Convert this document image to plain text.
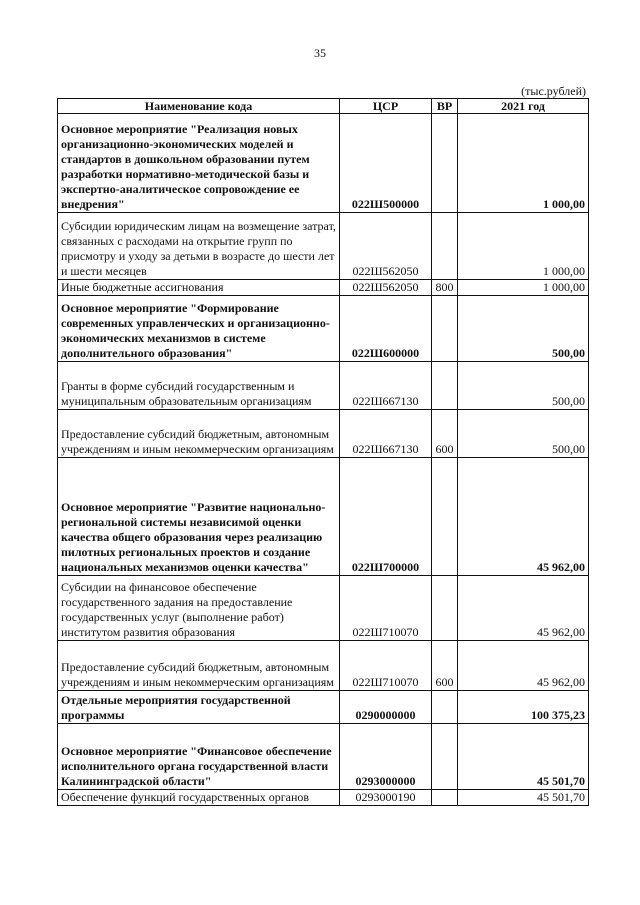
35
(тыс.рублей)
Наименование кода	ЦСР	ВР	2021 год
Основное мероприятие "Реализация новых организационно-экономических моделей и стандартов в дошкольном образовании путем разработки нормативно-методической базы и экспертно-аналитическое сопровождение ее внедрения"	022Ш500000		1 000,00
Субсидии юридическим лицам на возмещение затрат, связанных с расходами на открытие групп по присмотру и уходу за детьми в возрасте до шести лет и шести месяцев	022Ш562050		1 000,00
Иные бюджетные ассигнования	022Ш562050	800	1 000,00
Основное мероприятие "Формирование современных управленческих и организационно-экономических механизмов в системе дополнительного образования"	022Ш600000		500,00
Гранты в форме субсидий государственным и муниципальным образовательным организациям	022Ш667130		500,00
Предоставление субсидий бюджетным, автономным учреждениям и иным некоммерческим организациям	022Ш667130	600	500,00
Основное мероприятие "Развитие национально-региональной системы независимой оценки качества общего образования через реализацию пилотных региональных проектов и создание национальных механизмов оценки качества"	022Ш700000		45 962,00
Субсидии на финансовое обеспечение государственного задания на предоставление государственных услуг (выполнение работ) институтом развития образования	022Ш710070		45 962,00
Предоставление субсидий бюджетным, автономным учреждениям и иным некоммерческим организациям	022Ш710070	600	45 962,00
Отдельные мероприятия государственной программы	0290000000		100 375,23
Основное мероприятие "Финансовое обеспечение исполнительного органа государственной власти Калининградской области"	0293000000		45 501,70
Обеспечение функций государственных органов	0293000190		45 501,70
